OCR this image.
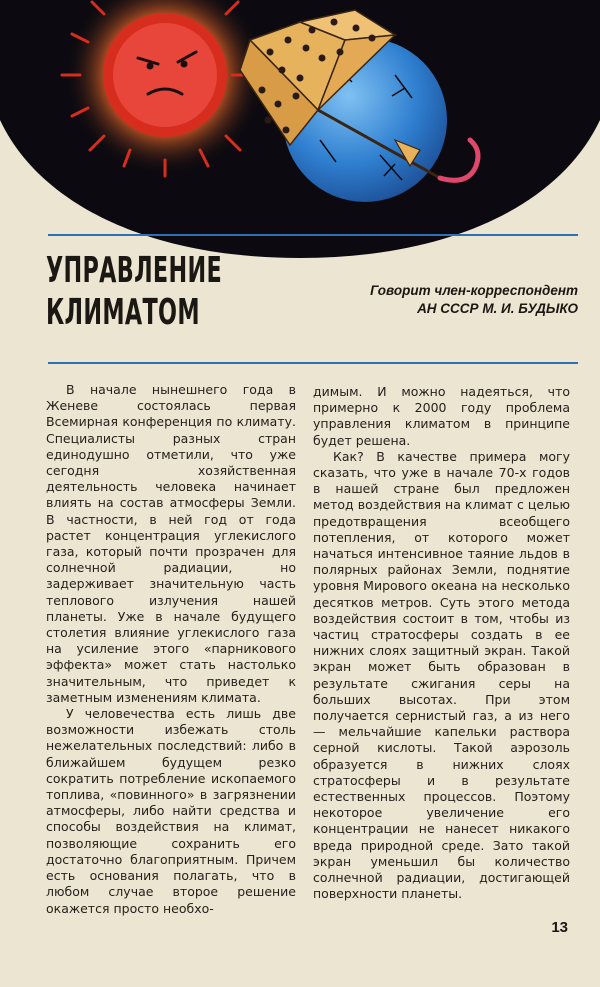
УПРАВЛЕНИЕ
КЛИМАТОМ
Говорит член-корреспондент
АН СССР М. И. БУДЫКО

В начале нынешнего года в Женеве состоялась первая Всемирная конференция по климату. Специалисты разных стран единодушно отметили, что уже сегодня хозяйственная деятельность человека начинает влиять на состав атмосферы Земли. В частности, в ней год от года растет концентрация углекислого газа, который почти прозрачен для солнечной радиации, но задерживает значительную часть теплового излучения нашей планеты. Уже в начале будущего столетия влияние углекислого газа на усиление этого «парникового эффекта» может стать настолько значительным, что приведет к заметным изменениям климата.

У человечества есть лишь две возможности избежать столь нежелательных последствий: либо в ближайшем будущем резко сократить потребление ископаемого топлива, «повинного» в загрязнении атмосферы, либо найти средства и способы воздействия на климат, позволяющие сохранить его достаточно благоприятным. Причем есть основания полагать, что в любом случае второе решение окажется просто необхо-

димым. И можно надеяться, что примерно к 2000 году проблема управления климатом в принципе будет решена.

Как? В качестве примера могу сказать, что уже в начале 70-х годов в нашей стране был предложен метод воздействия на климат с целью предотвращения всеобщего потепления, от которого может начаться интенсивное таяние льдов в полярных районах Земли, поднятие уровня Мирового океана на несколько десятков метров. Суть этого метода воздействия состоит в том, чтобы из частиц стратосферы создать в ее нижних слоях защитный экран. Такой экран может быть образован в результате сжигания серы на больших высотах. При этом получается сернистый газ, а из него — мельчайшие капельки раствора серной кислоты. Такой аэрозоль образуется в нижних слоях стратосферы и в результате естественных процессов. Поэтому некоторое увеличение его концентрации не нанесет никакого вреда природной среде. Зато такой экран уменьшил бы количество солнечной радиации, достигающей поверхности планеты.

13
